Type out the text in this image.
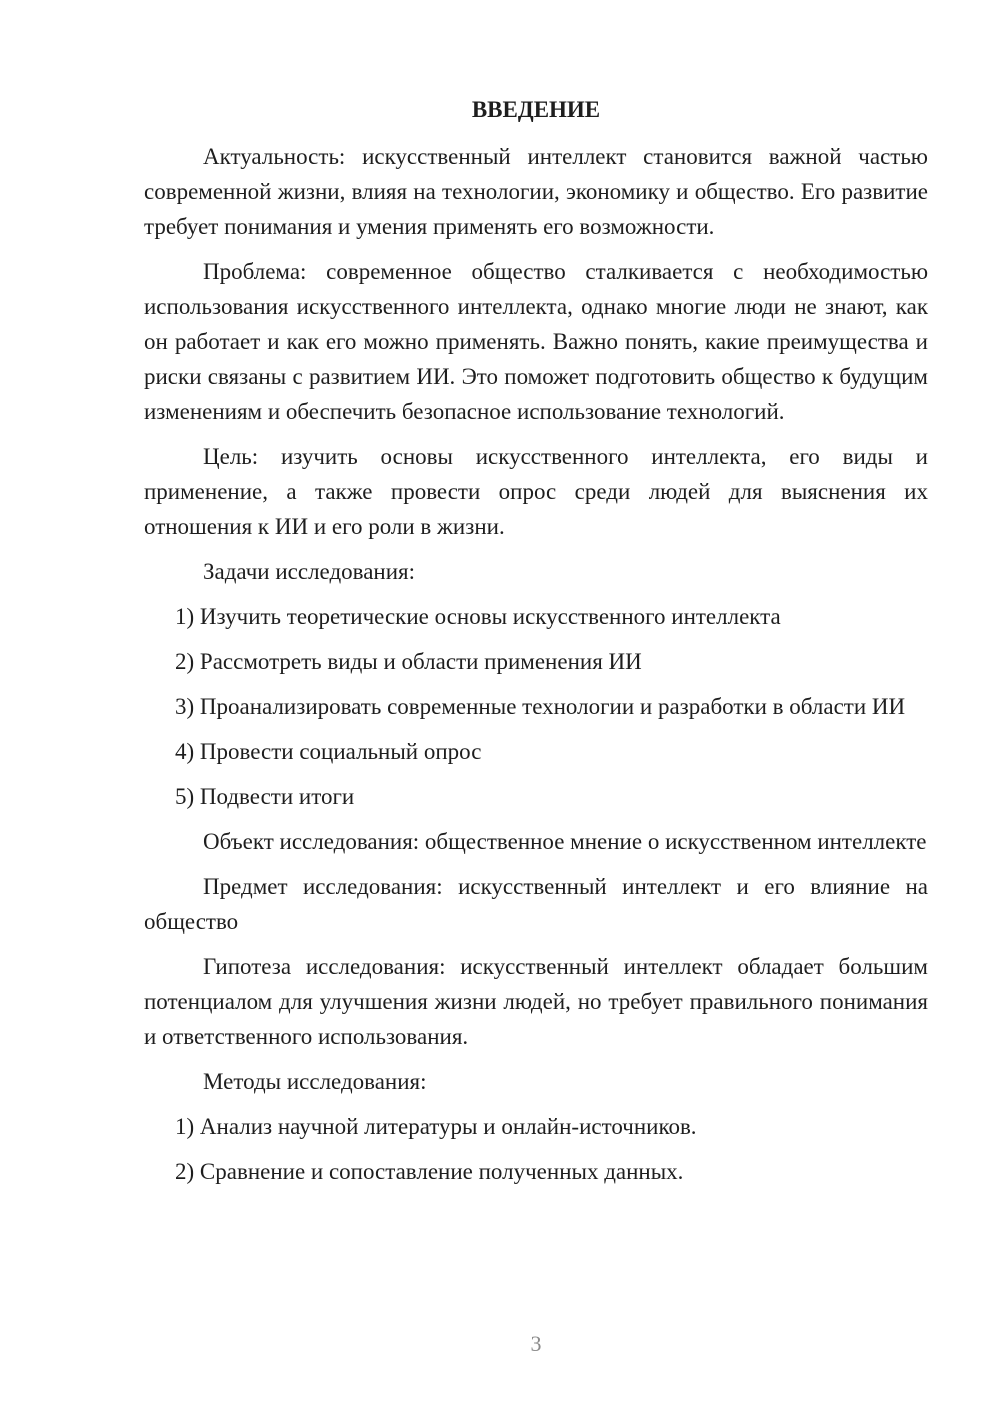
ВВЕДЕНИЕ

Актуальность: искусственный интеллект становится важной частью современной жизни, влияя на технологии, экономику и общество. Его развитие требует понимания и умения применять его возможности.

Проблема: современное общество сталкивается с необходимостью использования искусственного интеллекта, однако многие люди не знают, как он работает и как его можно применять. Важно понять, какие преимущества и риски связаны с развитием ИИ. Это поможет подготовить общество к будущим изменениям и обеспечить безопасное использование технологий.

Цель: изучить основы искусственного интеллекта, его виды и применение, а также провести опрос среди людей для выяснения их отношения к ИИ и его роли в жизни.

Задачи исследования:

1) Изучить теоретические основы искусственного интеллекта

2) Рассмотреть виды и области применения ИИ

3) Проанализировать современные технологии и разработки в области ИИ

4) Провести социальный опрос

5) Подвести итоги

Объект исследования: общественное мнение о искусственном интеллекте

Предмет исследования: искусственный интеллект и его влияние на общество

Гипотеза исследования: искусственный интеллект обладает большим потенциалом для улучшения жизни людей, но требует правильного понимания и ответственного использования.

Методы исследования:

1) Анализ научной литературы и онлайн-источников.

2) Сравнение и сопоставление полученных данных.

3
